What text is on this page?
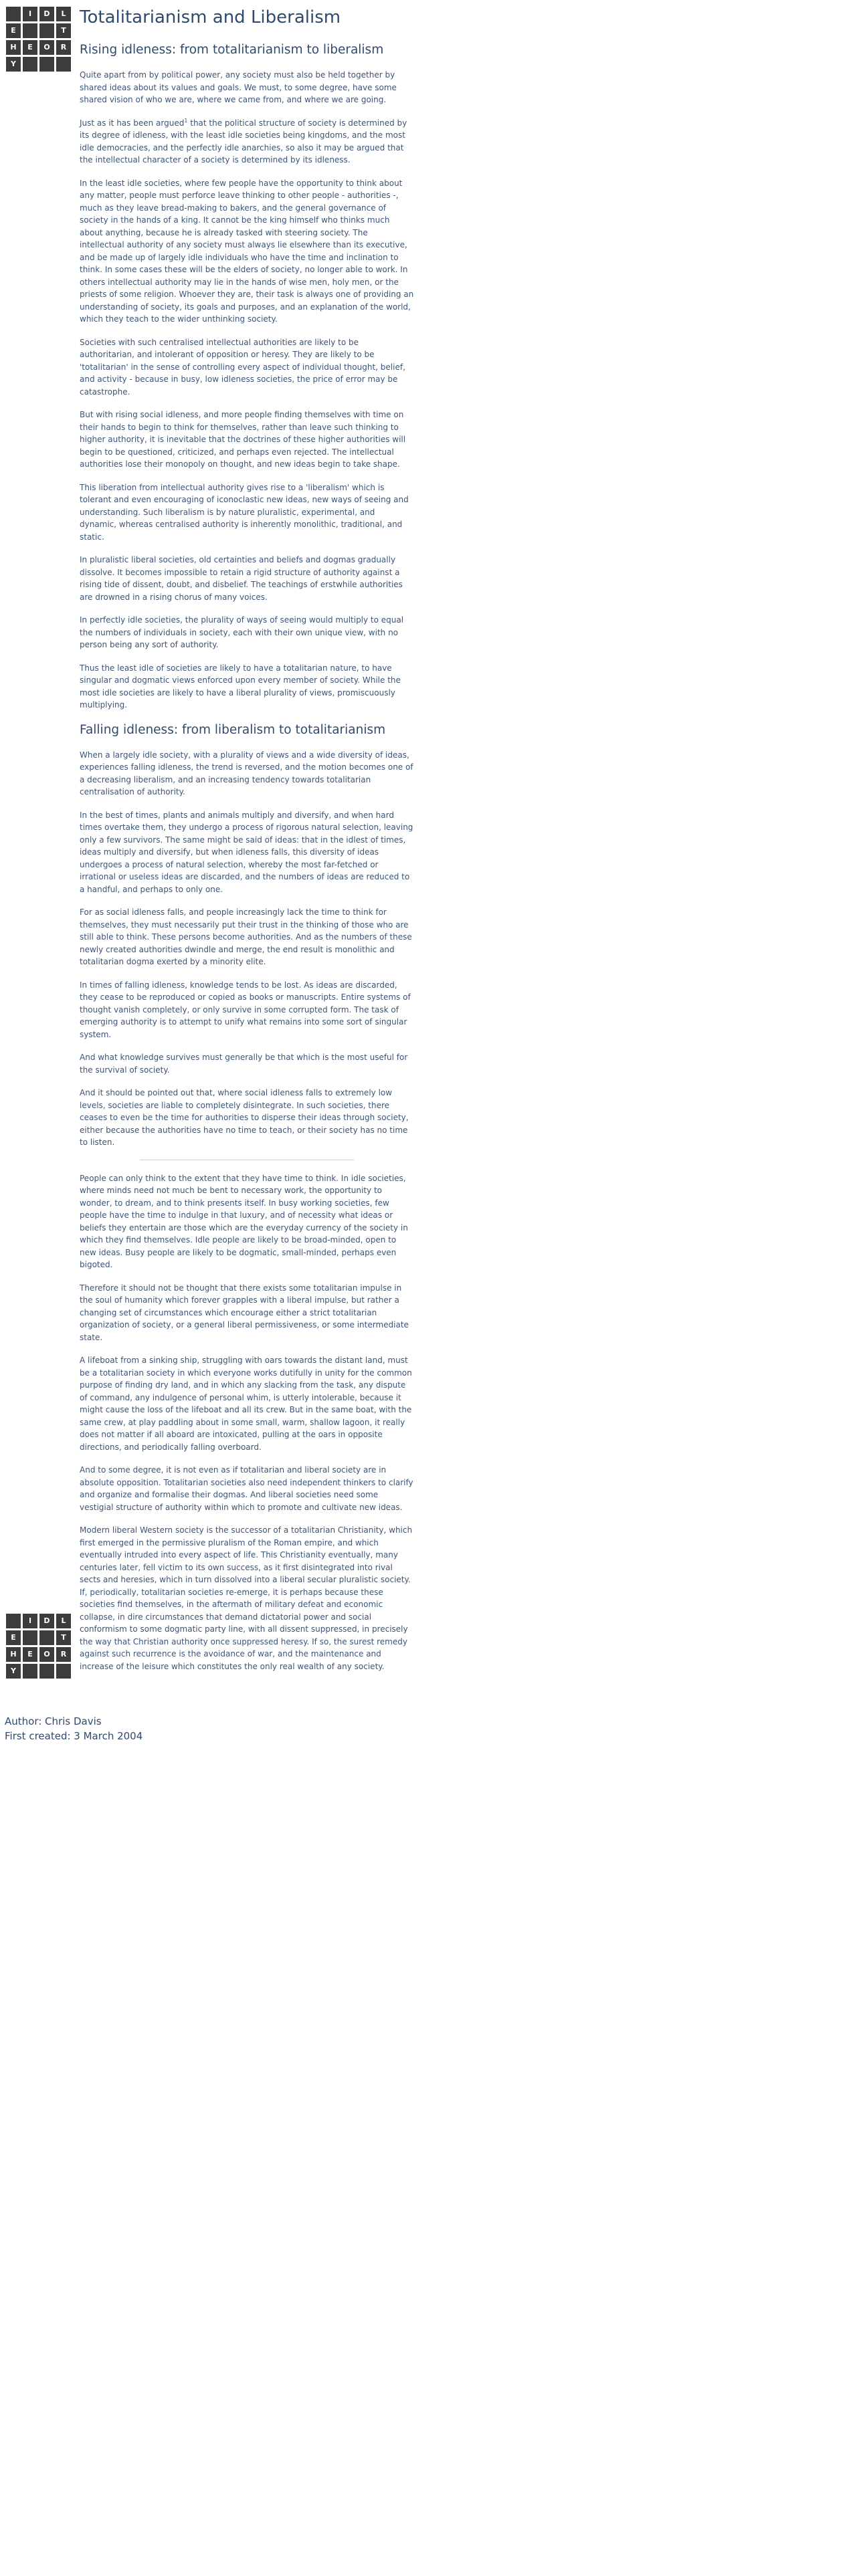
I	D	L
E	T
H	E	O	R
Y
Totalitarianism and Liberalism
Rising idleness: from totalitarianism to liberalism

Quite apart from by political power, any society must also be held together by shared ideas about its values and goals. We must, to some degree, have some shared vision of who we are, where we came from, and where we are going.

Just as it has been argued$^1$ that the political structure of society is determined by its degree of idleness, with the least idle societies being kingdoms, and the most idle democracies, and the perfectly idle anarchies, so also it may be argued that the intellectual character of a society is determined by its idleness.

In the least idle societies, where few people have the opportunity to think about any matter, people must perforce leave thinking to other people - authorities -, much as they leave bread-making to bakers, and the general governance of society in the hands of a king. It cannot be the king himself who thinks much about anything, because he is already tasked with steering society. The intellectual authority of any society must always lie elsewhere than its executive, and be made up of largely idle individuals who have the time and inclination to think. In some cases these will be the elders of society, no longer able to work. In others intellectual authority may lie in the hands of wise men, holy men, or the priests of some religion. Whoever they are, their task is always one of providing an understanding of society, its goals and purposes, and an explanation of the world, which they teach to the wider unthinking society.

Societies with such centralised intellectual authorities are likely to be authoritarian, and intolerant of opposition or heresy. They are likely to be 'totalitarian' in the sense of controlling every aspect of individual thought, belief, and activity - because in busy, low idleness societies, the price of error may be catastrophe.

But with rising social idleness, and more people finding themselves with time on their hands to begin to think for themselves, rather than leave such thinking to higher authority, it is inevitable that the doctrines of these higher authorities will begin to be questioned, criticized, and perhaps even rejected. The intellectual authorities lose their monopoly on thought, and new ideas begin to take shape.

This liberation from intellectual authority gives rise to a 'liberalism' which is tolerant and even encouraging of iconoclastic new ideas, new ways of seeing and understanding. Such liberalism is by nature pluralistic, experimental, and dynamic, whereas centralised authority is inherently monolithic, traditional, and static.

In pluralistic liberal societies, old certainties and beliefs and dogmas gradually dissolve. It becomes impossible to retain a rigid structure of authority against a rising tide of dissent, doubt, and disbelief. The teachings of erstwhile authorities are drowned in a rising chorus of many voices.

In perfectly idle societies, the plurality of ways of seeing would multiply to equal the numbers of individuals in society, each with their own unique view, with no person being any sort of authority.

Thus the least idle of societies are likely to have a totalitarian nature, to have singular and dogmatic views enforced upon every member of society. While the most idle societies are likely to have a liberal plurality of views, promiscuously multiplying.

Falling idleness: from liberalism to totalitarianism

When a largely idle society, with a plurality of views and a wide diversity of ideas, experiences falling idleness, the trend is reversed, and the motion becomes one of a decreasing liberalism, and an increasing tendency towards totalitarian centralisation of authority.

In the best of times, plants and animals multiply and diversify, and when hard times overtake them, they undergo a process of rigorous natural selection, leaving only a few survivors. The same might be said of ideas: that in the idlest of times, ideas multiply and diversify, but when idleness falls, this diversity of ideas undergoes a process of natural selection, whereby the most far-fetched or irrational or useless ideas are discarded, and the numbers of ideas are reduced to a handful, and perhaps to only one.

For as social idleness falls, and people increasingly lack the time to think for themselves, they must necessarily put their trust in the thinking of those who are still able to think. These persons become authorities. And as the numbers of these newly created authorities dwindle and merge, the end result is monolithic and totalitarian dogma exerted by a minority elite.

In times of falling idleness, knowledge tends to be lost. As ideas are discarded, they cease to be reproduced or copied as books or manuscripts. Entire systems of thought vanish completely, or only survive in some corrupted form. The task of emerging authority is to attempt to unify what remains into some sort of singular system.

And what knowledge survives must generally be that which is the most useful for the survival of society.

And it should be pointed out that, where social idleness falls to extremely low levels, societies are liable to completely disintegrate. In such societies, there ceases to even be the time for authorities to disperse their ideas through society, either because the authorities have no time to teach, or their society has no time to listen.

People can only think to the extent that they have time to think. In idle societies, where minds need not much be bent to necessary work, the opportunity to wonder, to dream, and to think presents itself. In busy working societies, few people have the time to indulge in that luxury, and of necessity what ideas or beliefs they entertain are those which are the everyday currency of the society in which they find themselves. Idle people are likely to be broad-minded, open to new ideas. Busy people are likely to be dogmatic, small-minded, perhaps even bigoted.

Therefore it should not be thought that there exists some totalitarian impulse in the soul of humanity which forever grapples with a liberal impulse, but rather a changing set of circumstances which encourage either a strict totalitarian organization of society, or a general liberal permissiveness, or some intermediate state.

A lifeboat from a sinking ship, struggling with oars towards the distant land, must be a totalitarian society in which everyone works dutifully in unity for the common purpose of finding dry land, and in which any slacking from the task, any dispute of command, any indulgence of personal whim, is utterly intolerable, because it might cause the loss of the lifeboat and all its crew. But in the same boat, with the same crew, at play paddling about in some small, warm, shallow lagoon, it really does not matter if all aboard are intoxicated, pulling at the oars in opposite directions, and periodically falling overboard.

And to some degree, it is not even as if totalitarian and liberal society are in absolute opposition. Totalitarian societies also need independent thinkers to clarify and organize and formalise their dogmas. And liberal societies need some vestigial structure of authority within which to promote and cultivate new ideas.

Modern liberal Western society is the successor of a totalitarian Christianity, which first emerged in the permissive pluralism of the Roman empire, and which eventually intruded into every aspect of life. This Christianity eventually, many centuries later, fell victim to its own success, as it first disintegrated into rival sects and heresies, which in turn dissolved into a liberal secular pluralistic society. If, periodically, totalitarian societies re-emerge, it is perhaps because these societies find themselves, in the aftermath of military defeat and economic collapse, in dire circumstances that demand dictatorial power and social conformism to some dogmatic party line, with all dissent suppressed, in precisely the way that Christian authority once suppressed heresy. If so, the surest remedy against such recurrence is the avoidance of war, and the maintenance and increase of the leisure which constitutes the only real wealth of any society.

I	D	L
E	T
H	E	O	R
Y
Author: Chris Davis
First created: 3 March 2004
